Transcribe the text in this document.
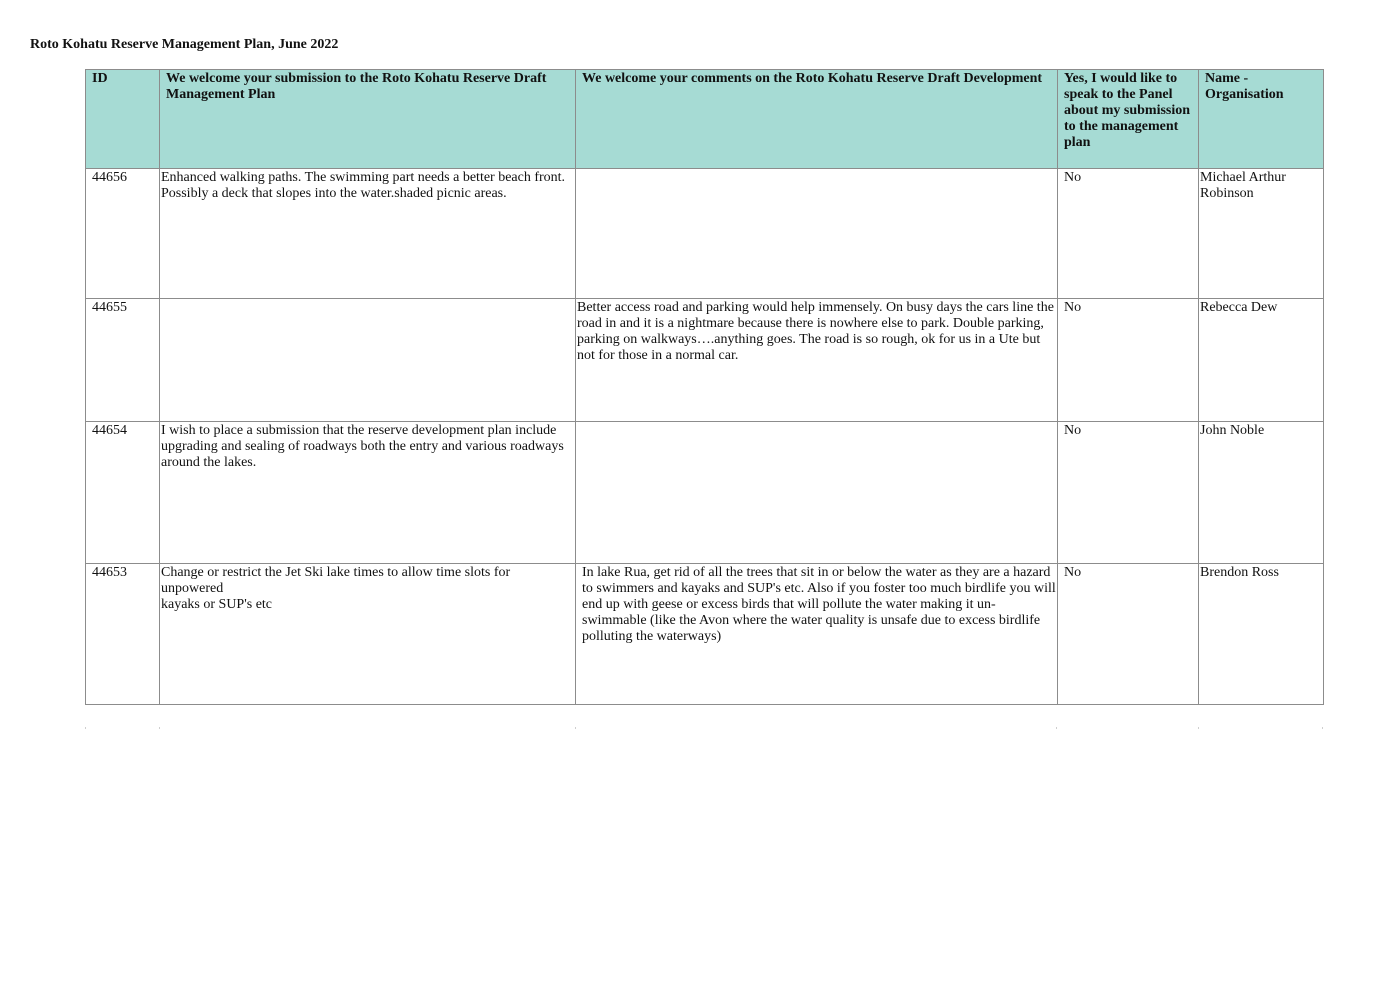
Roto Kohatu Reserve Management Plan, June 2022
ID	We welcome your submission to the Roto Kohatu Reserve Draft Management Plan	We welcome your comments on the Roto Kohatu Reserve Draft Development	Yes, I would like to speak to the Panel about my submission to the management plan	Name - Organisation
44656	Enhanced walking paths. The swimming part needs a better beach front. Possibly a deck that slopes into the water.shaded picnic areas.		No	Michael Arthur Robinson
44655		Better access road and parking would help immensely. On busy days the cars line the road in and it is a nightmare because there is nowhere else to park. Double parking, parking on walkways….anything goes. The road is so rough, ok for us in a Ute but not for those in a normal car.	No	Rebecca Dew
44654	I wish to place a submission that the reserve development plan include upgrading and sealing of roadways both the entry and various roadways around the lakes.		No	John Noble
44653	Change or restrict the Jet Ski lake times to allow time slots for unpowered
kayaks or SUP's etc	In lake Rua, get rid of all the trees that sit in or below the water as they are a hazard to swimmers and kayaks and SUP's etc. Also if you foster too much birdlife you will end up with geese or excess birds that will pollute the water making it un-swimmable (like the Avon where the water quality is unsafe due to excess birdlife polluting the waterways)	No	Brendon Ross
